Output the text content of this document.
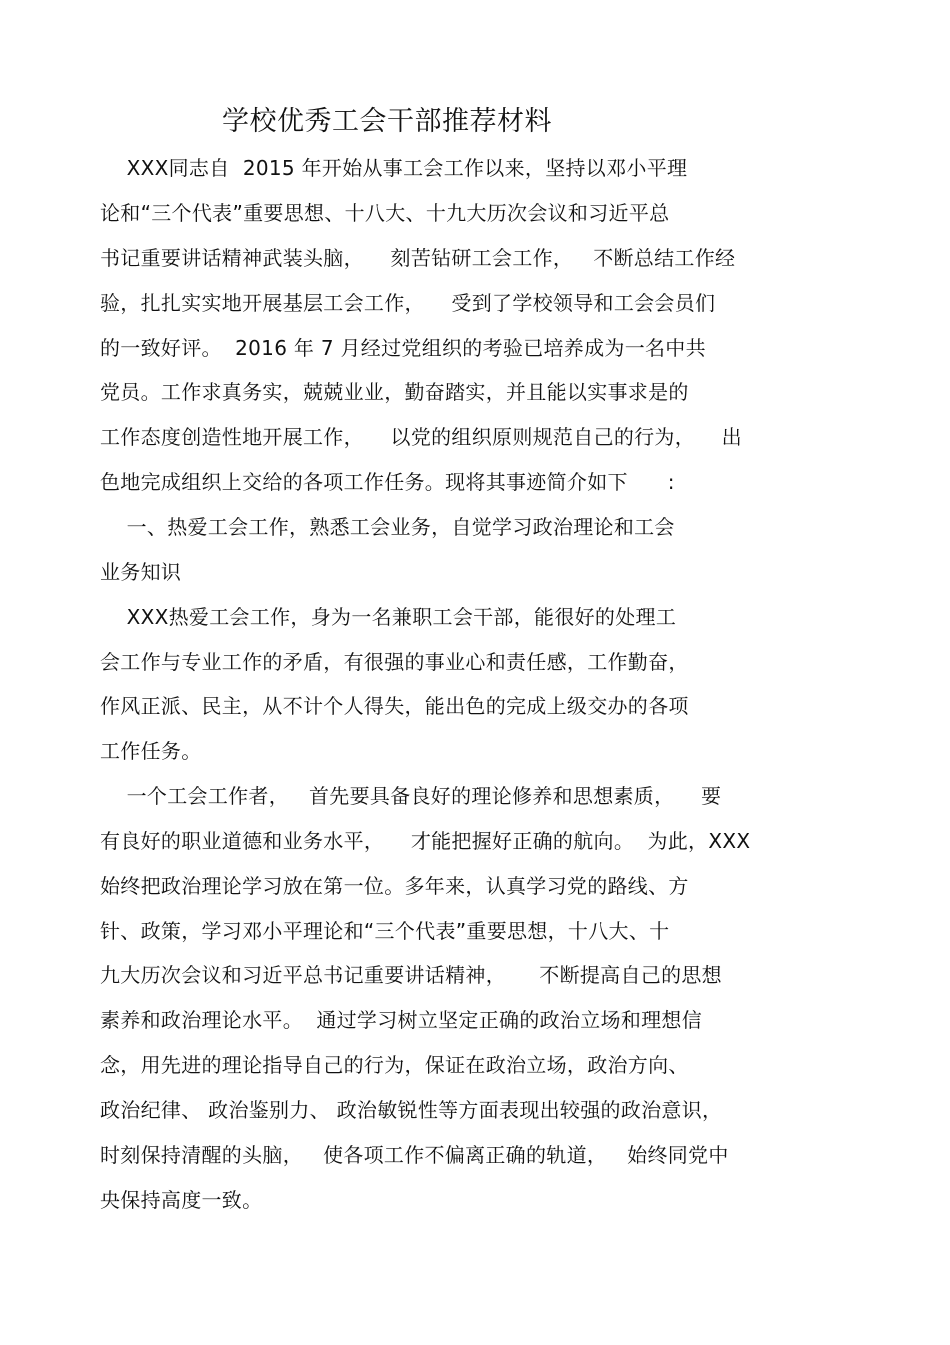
学校优秀工会干部推荐材料
XXX同志自  2015 年开始从事工会工作以来，坚持以邓小平理
论和“三个代表”重要思想、十八大、十九大历次会议和习近平总
书记重要讲话精神武装头脑，    刻苦钻研工会工作，   不断总结工作经
验，扎扎实实地开展基层工会工作，    受到了学校领导和工会会员们
的一致好评。  2016 年 7 月经过党组织的考验已培养成为一名中共
党员。工作求真务实，兢兢业业，勤奋踏实，并且能以实事求是的
工作态度创造性地开展工作，    以党的组织原则规范自己的行为，    出
色地完成组织上交给的各项工作任务。现将其事迹简介如下      :
一、热爱工会工作，熟悉工会业务，自觉学习政治理论和工会
业务知识
XXX热爱工会工作，身为一名兼职工会干部，能很好的处理工
会工作与专业工作的矛盾，有很强的事业心和责任感，工作勤奋，
作风正派、民主，从不计个人得失，能出色的完成上级交办的各项
工作任务。
一个工会工作者，   首先要具备良好的理论修养和思想素质，    要
有良好的职业道德和业务水平，    才能把握好正确的航向。  为此，XXX
始终把政治理论学习放在第一位。多年来，认真学习党的路线、方
针、政策，学习邓小平理论和“三个代表”重要思想，十八大、十
九大历次会议和习近平总书记重要讲话精神，     不断提高自己的思想
素养和政治理论水平。  通过学习树立坚定正确的政治立场和理想信
念，用先进的理论指导自己的行为，保证在政治立场，政治方向、
政治纪律、 政治鉴别力、 政治敏锐性等方面表现出较强的政治意识，
时刻保持清醒的头脑，   使各项工作不偏离正确的轨道，   始终同党中
央保持高度一致。
